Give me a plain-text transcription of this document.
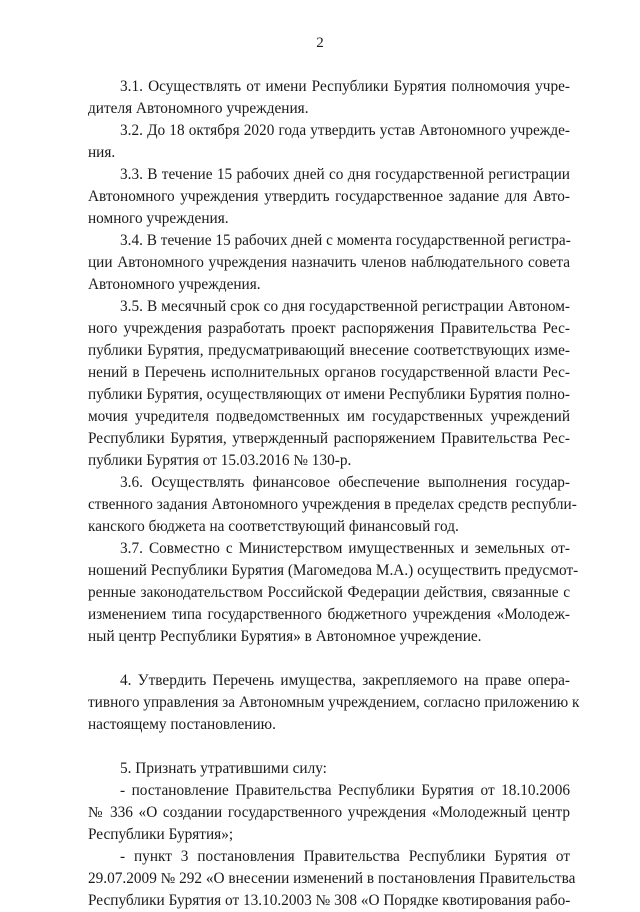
2
3.1. Осуществлять от имени Республики Бурятия полномочия учре-
дителя Автономного учреждения.
3.2. До 18 октября 2020 года утвердить устав Автономного учрежде-
ния.
3.3. В течение 15 рабочих дней со дня государственной регистрации
Автономного учреждения утвердить государственное задание для Авто-
номного учреждения.
3.4. В течение 15 рабочих дней с момента государственной регистра-
ции Автономного учреждения назначить членов наблюдательного совета
Автономного учреждения.
3.5. В месячный срок со дня государственной регистрации Автоном-
ного учреждения разработать проект распоряжения Правительства Рес-
публики Бурятия, предусматривающий внесение соответствующих изме-
нений в Перечень исполнительных органов государственной власти Рес-
публики Бурятия, осуществляющих от имени Республики Бурятия полно-
мочия учредителя подведомственных им государственных учреждений
Республики Бурятия, утвержденный распоряжением Правительства Рес-
публики Бурятия от 15.03.2016 № 130-р.
3.6. Осуществлять финансовое обеспечение выполнения государ-
ственного задания Автономного учреждения в пределах средств республи-
канского бюджета на соответствующий финансовый год.
3.7. Совместно с Министерством имущественных и земельных от-
ношений Республики Бурятия (Магомедова М.А.) осуществить предусмот-
ренные законодательством Российской Федерации действия, связанные с
изменением типа государственного бюджетного учреждения «Молодеж-
ный центр Республики Бурятия» в Автономное учреждение.
4. Утвердить Перечень имущества, закрепляемого на праве опера-
тивного управления за Автономным учреждением, согласно приложению к
настоящему постановлению.
5. Признать утратившими силу:
- постановление Правительства Республики Бурятия от 18.10.2006
№ 336 «О создании государственного учреждения «Молодежный центр
Республики Бурятия»;
- пункт 3 постановления Правительства Республики Бурятия от
29.07.2009 № 292 «О внесении изменений в постановления Правительства
Республики Бурятия от 13.10.2003 № 308 «О Порядке квотирования рабо-
